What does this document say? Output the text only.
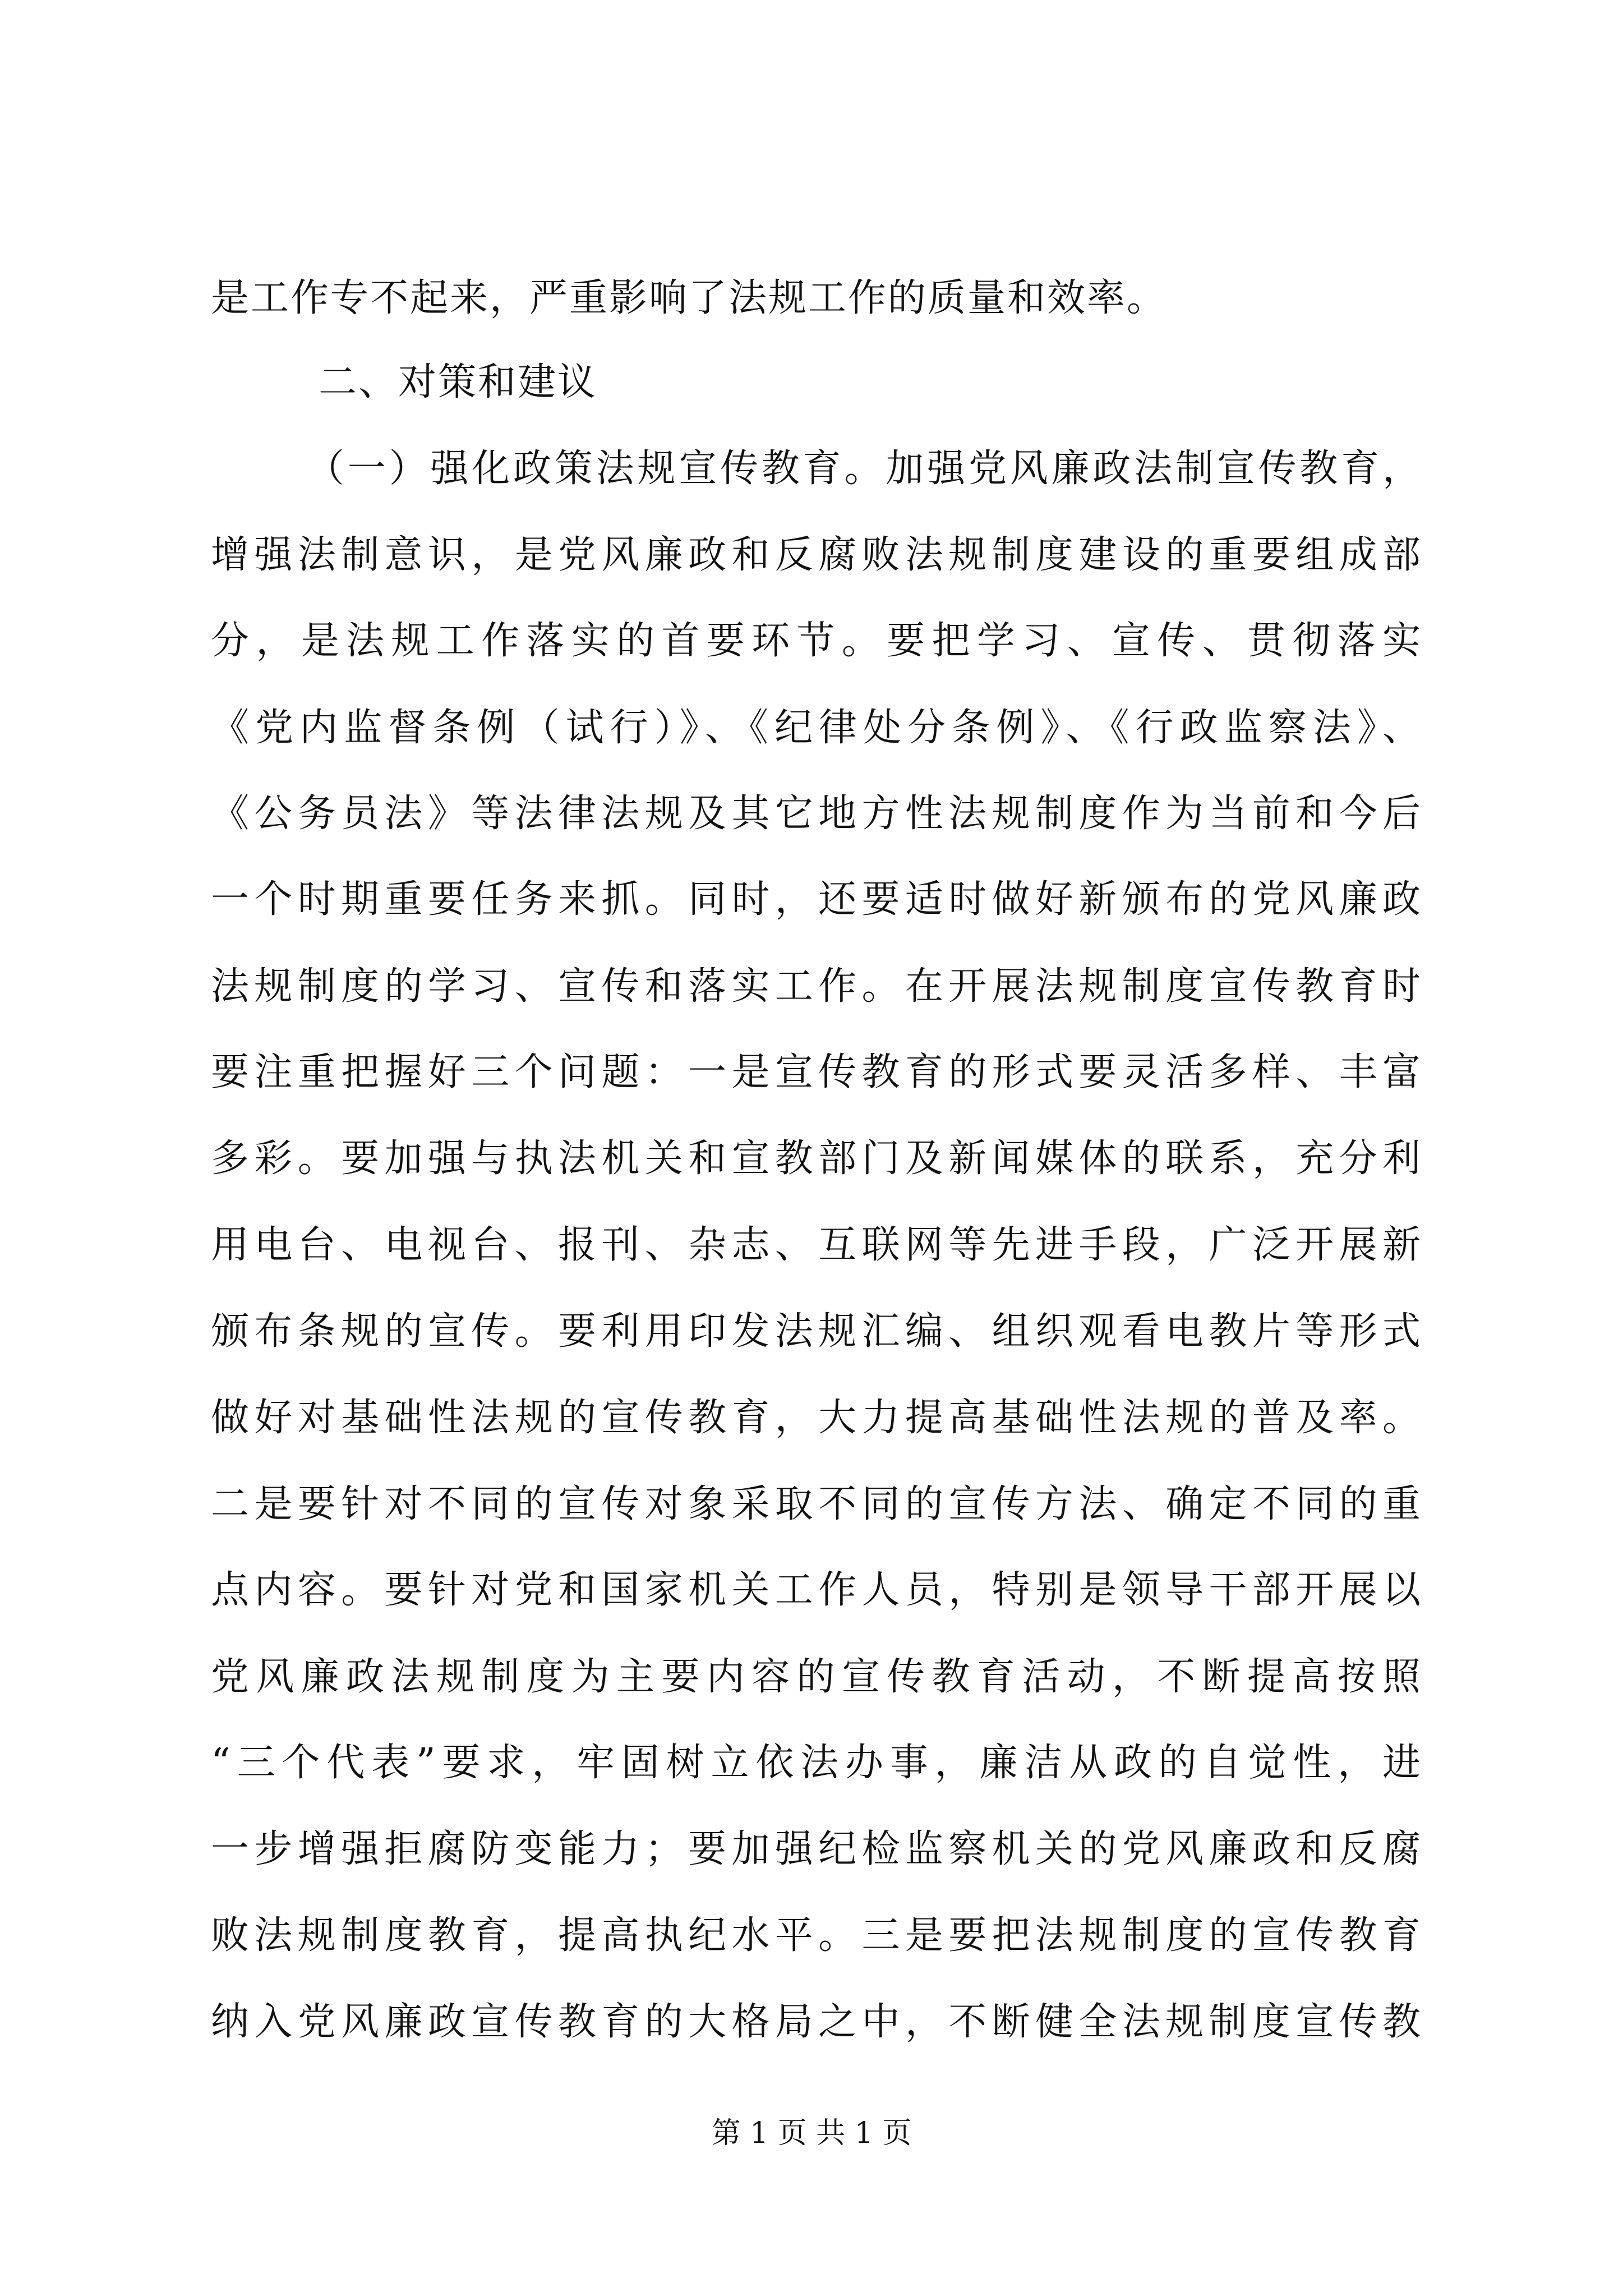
是工作专不起来，严重影响了法规工作的质量和效率。
二、对策和建议
（一）强化政策法规宣传教育。加强党风廉政法制宣传教育，
增强法制意识，是党风廉政和反腐败法规制度建设的重要组成部
分，是法规工作落实的首要环节。要把学习、宣传、贯彻落实
《党内监督条例（试行）》、《纪律处分条例》、《行政监察法》、
《公务员法》等法律法规及其它地方性法规制度作为当前和今后
一个时期重要任务来抓。同时，还要适时做好新颁布的党风廉政
法规制度的学习、宣传和落实工作。在开展法规制度宣传教育时
要注重把握好三个问题：一是宣传教育的形式要灵活多样、丰富
多彩。要加强与执法机关和宣教部门及新闻媒体的联系，充分利
用电台、电视台、报刊、杂志、互联网等先进手段，广泛开展新
颁布条规的宣传。要利用印发法规汇编、组织观看电教片等形式
做好对基础性法规的宣传教育，大力提高基础性法规的普及率。
二是要针对不同的宣传对象采取不同的宣传方法、确定不同的重
点内容。要针对党和国家机关工作人员，特别是领导干部开展以
党风廉政法规制度为主要内容的宣传教育活动，不断提高按照
“三个代表”要求，牢固树立依法办事，廉洁从政的自觉性，进
一步增强拒腐防变能力；要加强纪检监察机关的党风廉政和反腐
败法规制度教育，提高执纪水平。三是要把法规制度的宣传教育
纳入党风廉政宣传教育的大格局之中，不断健全法规制度宣传教
第 1 页 共 1 页
